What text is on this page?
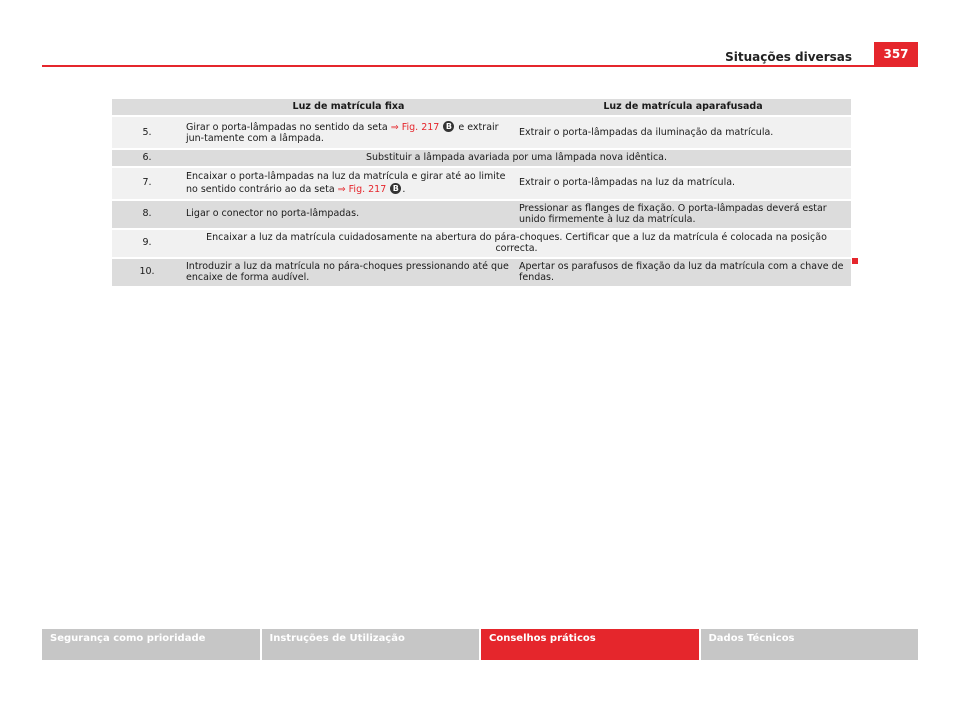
Situações diversas	357
	Luz de matrícula fixa	Luz de matrícula aparafusada
5.	Girar o porta-lâmpadas no sentido da seta ⇒ Fig. 217 B e extrair jun-tamente com a lâmpada.	Extrair o porta-lâmpadas da iluminação da matrícula.
6.	Substituir a lâmpada avariada por uma lâmpada nova idêntica.	
7.	Encaixar o porta-lâmpadas na luz da matrícula e girar até ao limite no sentido contrário ao da seta ⇒ Fig. 217 B .	Extrair o porta-lâmpadas na luz da matrícula.
8.	Ligar o conector no porta-lâmpadas.	Pressionar as flanges de fixação. O porta-lâmpadas deverá estar unido firmemente à luz da matrícula.
9.	Encaixar a luz da matrícula cuidadosamente na abertura do pára-choques. Certificar que a luz da matrícula é colocada na posição correcta.	
10.	Introduzir a luz da matrícula no pára-choques pressionando até que encaixe de forma audível.	Apertar os parafusos de fixação da luz da matrícula com a chave de fendas.
Segurança como prioridade	Instruções de Utilização	Conselhos práticos	Dados Técnicos
